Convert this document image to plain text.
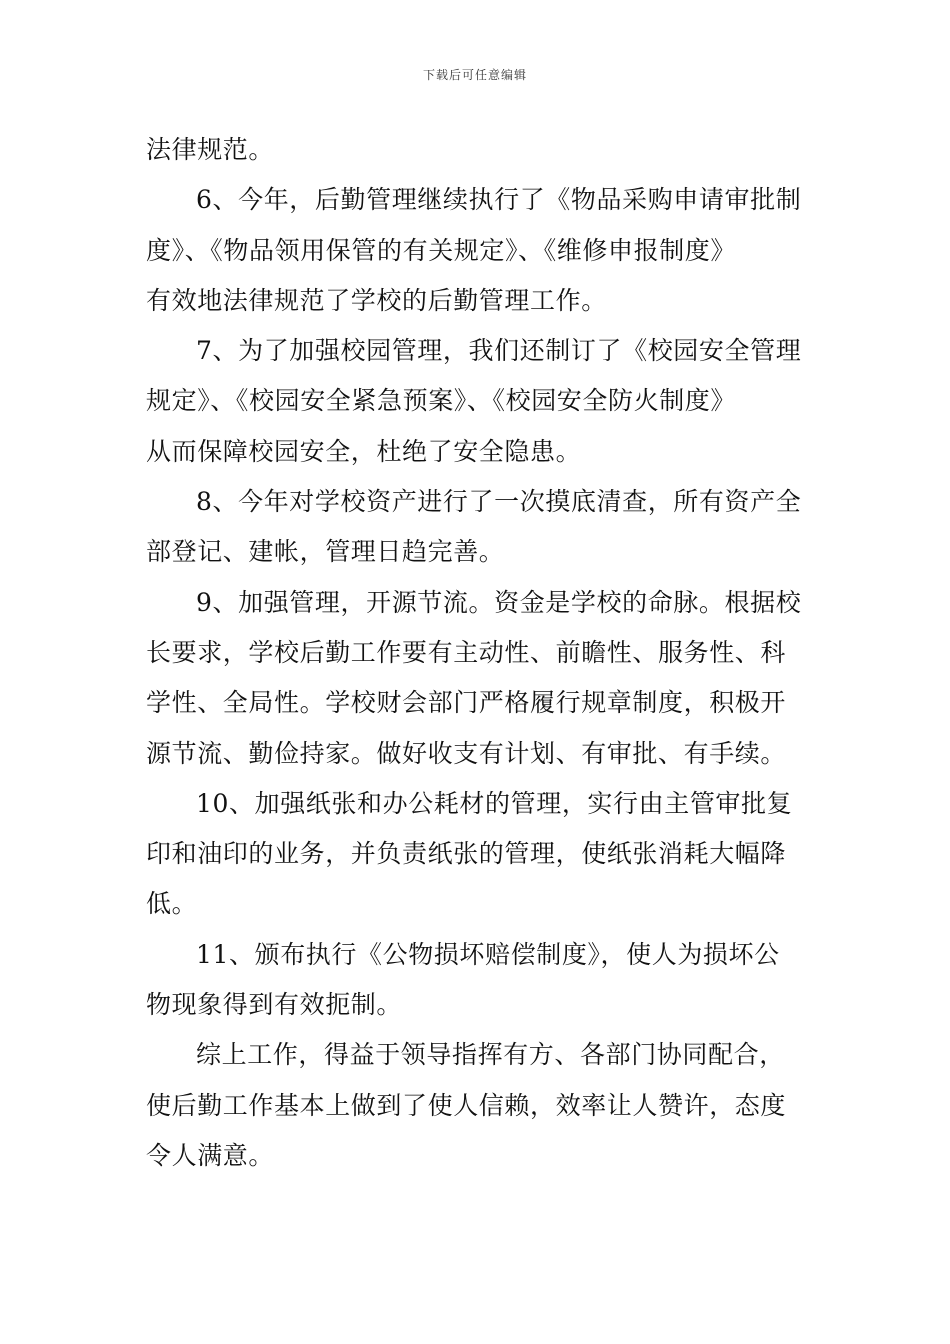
下载后可任意编辑
法律规范。
6、今年，后勤管理继续执行了《物品采购申请审批制
度》、《物品领用保管的有关规定》、《维修申报制度》
有效地法律规范了学校的后勤管理工作。
7、为了加强校园管理，我们还制订了《校园安全管理
规定》、《校园安全紧急预案》、《校园安全防火制度》
从而保障校园安全，杜绝了安全隐患。
8、今年对学校资产进行了一次摸底清查，所有资产全
部登记、建帐，管理日趋完善。
9、加强管理，开源节流。资金是学校的命脉。根据校
长要求，学校后勤工作要有主动性、前瞻性、服务性、科
学性、全局性。学校财会部门严格履行规章制度，积极开
源节流、勤俭持家。做好收支有计划、有审批、有手续。
10、加强纸张和办公耗材的管理，实行由主管审批复
印和油印的业务，并负责纸张的管理，使纸张消耗大幅降
低。
11、颁布执行《公物损坏赔偿制度》，使人为损坏公
物现象得到有效扼制。
综上工作，得益于领导指挥有方、各部门协同配合，
使后勤工作基本上做到了使人信赖，效率让人赞许，态度
令人满意。
